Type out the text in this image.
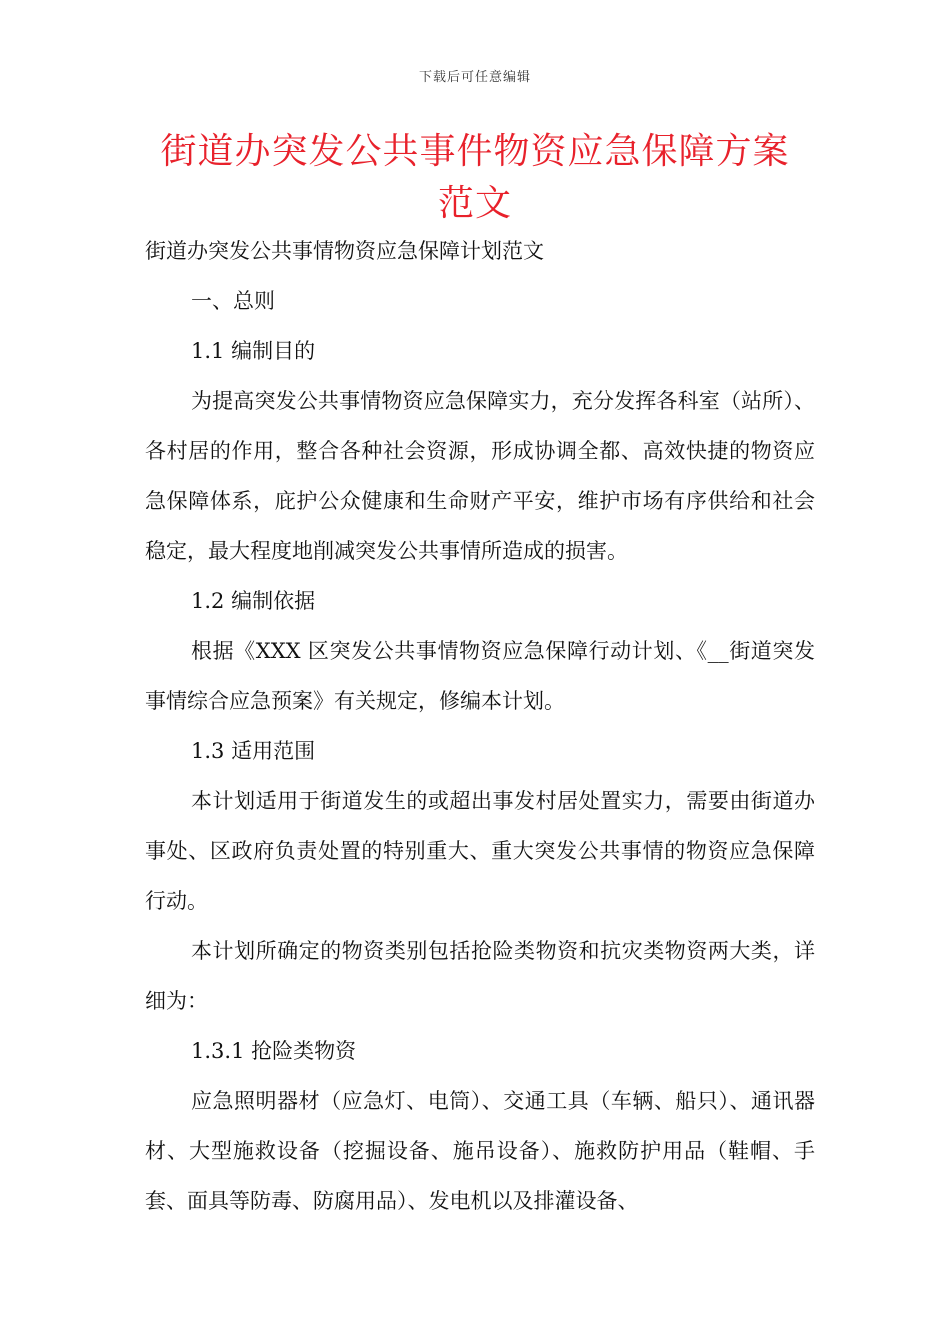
下载后可任意编辑
街道办突发公共事件物资应急保障方案范文

街道办突发公共事情物资应急保障计划范文

一、总则

1.1 编制目的

为提高突发公共事情物资应急保障实力，充分发挥各科室（站所）、各村居的作用，整合各种社会资源，形成协调全都、高效快捷的物资应急保障体系，庇护公众健康和生命财产平安，维护市场有序供给和社会稳定，最大程度地削减突发公共事情所造成的损害。

1.2 编制依据

根据《XXX 区突发公共事情物资应急保障行动计划、《__街道突发事情综合应急预案》有关规定，修编本计划。

1.3 适用范围

本计划适用于街道发生的或超出事发村居处置实力，需要由街道办事处、区政府负责处置的特别重大、重大突发公共事情的物资应急保障行动。

本计划所确定的物资类别包括抢险类物资和抗灾类物资两大类，详细为：

1.3.1 抢险类物资

应急照明器材（应急灯、电筒）、交通工具（车辆、船只）、通讯器材、大型施救设备（挖掘设备、施吊设备）、施救防护用品（鞋帽、手套、面具等防毒、防腐用品）、发电机以及排灌设备、
